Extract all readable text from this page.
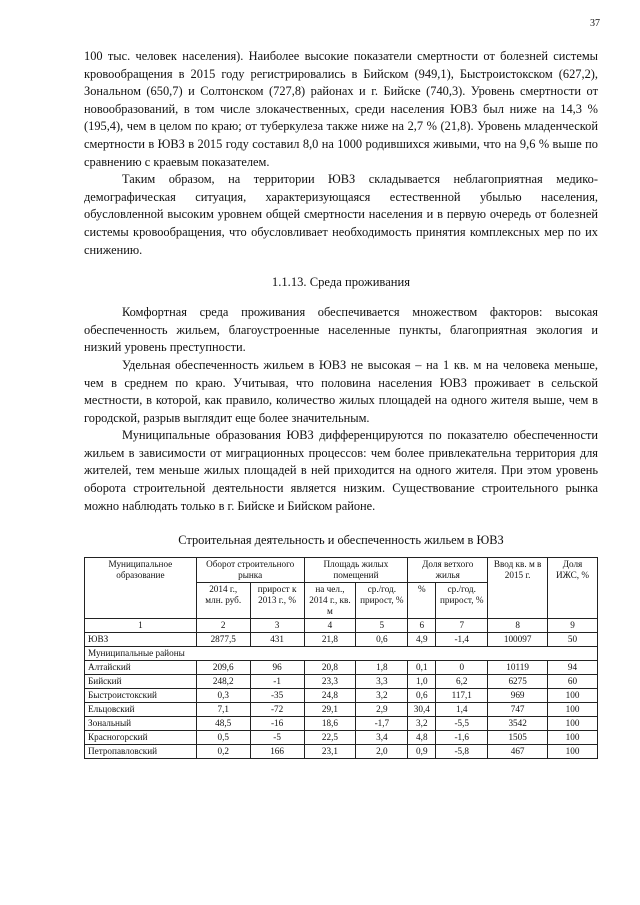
37

100 тыс. человек населения). Наиболее высокие показатели смертности от болезней системы кровообращения в 2015 году регистрировались в Бийском (949,1), Быстроистокском (627,2), Зональном (650,7) и Солтонском (727,8) районах и г. Бийске (740,3). Уровень смертности от новообразований, в том числе злокачественных, среди населения ЮВЗ был ниже на 14,3 % (195,4), чем в целом по краю; от туберкулеза также ниже на 2,7 % (21,8). Уровень младенческой смертности в ЮВЗ в 2015 году составил 8,0 на 1000 родившихся живыми, что на 9,6 % выше по сравнению с краевым показателем.

Таким образом, на территории ЮВЗ складывается неблагоприятная медико-демографическая ситуация, характеризующаяся естественной убылью населения, обусловленной высоким уровнем общей смертности населения и в первую очередь от болезней системы кровообращения, что обусловливает необходимость принятия комплексных мер по их снижению.

1.1.13. Среда проживания

Комфортная среда проживания обеспечивается множеством факторов: высокая обеспеченность жильем, благоустроенные населенные пункты, благоприятная экология и низкий уровень преступности.

Удельная обеспеченность жильем в ЮВЗ не высокая – на 1 кв. м на человека меньше, чем в среднем по краю. Учитывая, что половина населения ЮВЗ проживает в сельской местности, в которой, как правило, количество жилых площадей на одного жителя выше, чем в городской, разрыв выглядит еще более значительным.

Муниципальные образования ЮВЗ дифференцируются по показателю обеспеченности жильем в зависимости от миграционных процессов: чем более привлекательна территория для жителей, тем меньше жилых площадей в ней приходится на одного жителя. При этом уровень оборота строительной деятельности является низким. Существование строительного рынка можно наблюдать только в г. Бийске и Бийском районе.

Строительная деятельность и обеспеченность жильем в ЮВЗ
Муниципальное образование	Оборот строительного рынка		Площадь жилых помещений		Доля ветхого жилья		Ввод кв. м в 2015 г.	Доля ИЖС, %
	2014 г., млн. руб.	прирост к 2013 г., %	на чел., 2014 г., кв. м	ср./год. прирост, %	%	ср./год. прирост, %		
1	2	3	4	5	6	7	8	9
ЮВЗ	2877,5	431	21,8	0,6	4,9	-1,4	100097	50
Муниципальные районы								
Алтайский	209,6	96	20,8	1,8	0,1	0	10119	94
Бийский	248,2	-1	23,3	3,3	1,0	6,2	6275	60
Быстроистокский	0,3	-35	24,8	3,2	0,6	117,1	969	100
Ельцовский	7,1	-72	29,1	2,9	30,4	1,4	747	100
Зональный	48,5	-16	18,6	-1,7	3,2	-5,5	3542	100
Красногорский	0,5	-5	22,5	3,4	4,8	-1,6	1505	100
Петропавловский	0,2	166	23,1	2,0	0,9	-5,8	467	100
